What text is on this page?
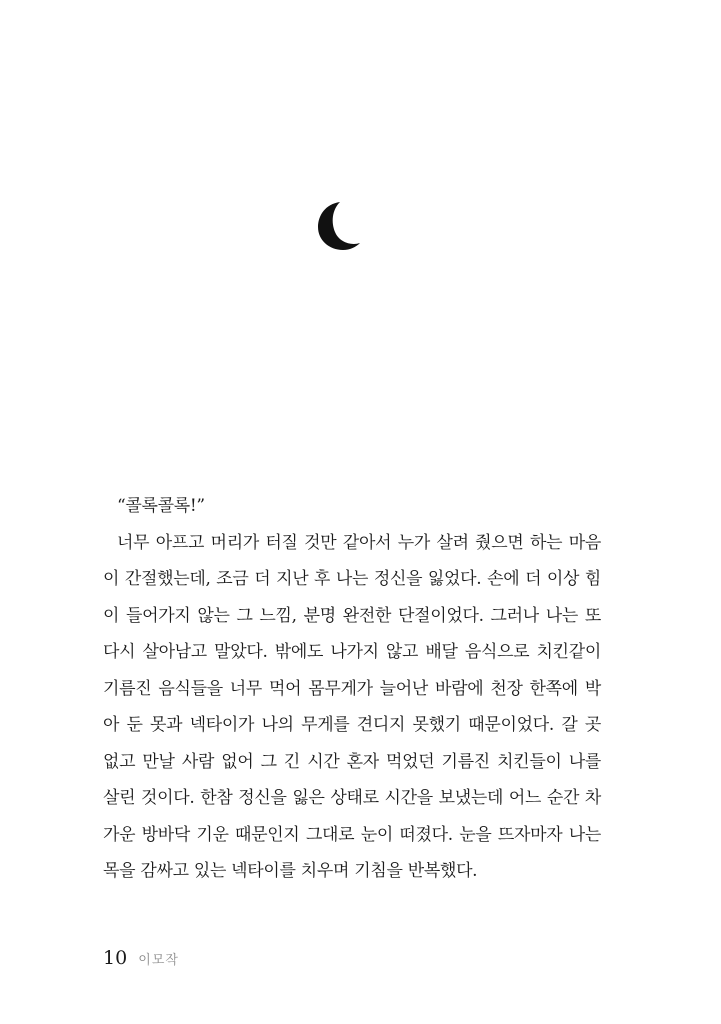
“콜록콜록!”
너무 아프고 머리가 터질 것만 같아서 누가 살려 줬으면 하는 마음
이 간절했는데, 조금 더 지난 후 나는 정신을 잃었다. 손에 더 이상 힘
이 들어가지 않는 그 느낌, 분명 완전한 단절이었다. 그러나 나는 또
다시 살아남고 말았다. 밖에도 나가지 않고 배달 음식으로 치킨같이
기름진 음식들을 너무 먹어 몸무게가 늘어난 바람에 천장 한쪽에 박
아 둔 못과 넥타이가 나의 무게를 견디지 못했기 때문이었다. 갈 곳
없고 만날 사람 없어 그 긴 시간 혼자 먹었던 기름진 치킨들이 나를
살린 것이다. 한참 정신을 잃은 상태로 시간을 보냈는데 어느 순간 차
가운 방바닥 기운 때문인지 그대로 눈이 떠졌다. 눈을 뜨자마자 나는
목을 감싸고 있는 넥타이를 치우며 기침을 반복했다.
10 이모작
